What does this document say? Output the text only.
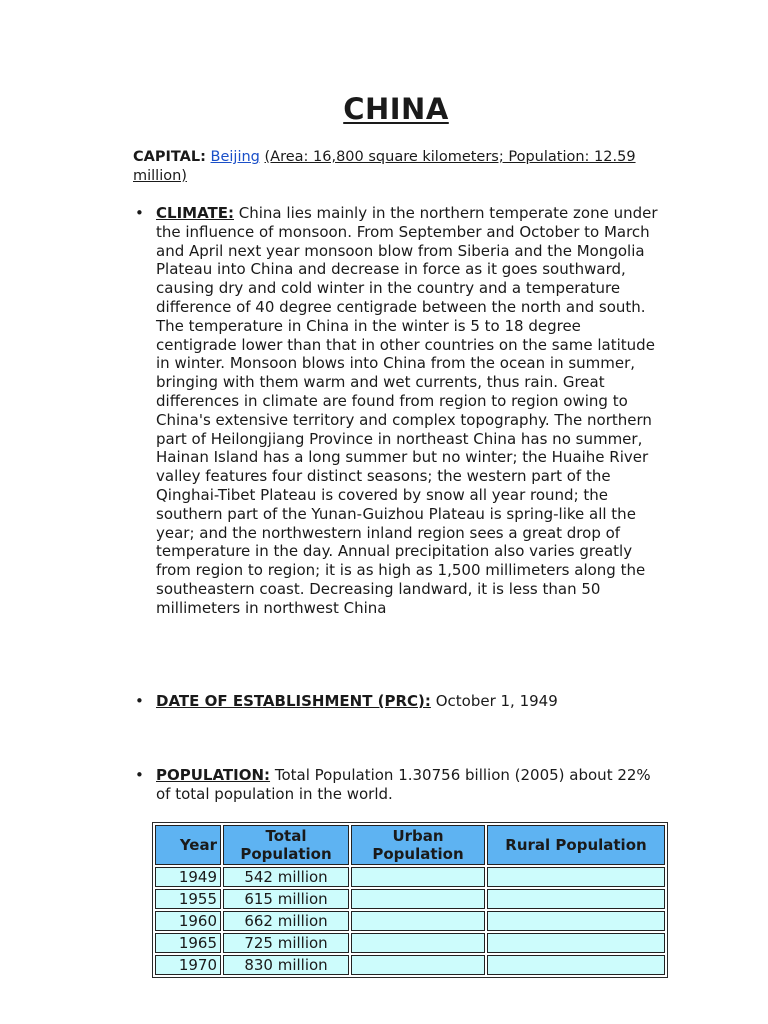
CHINA
CAPITAL: Beijing (Area: 16,800 square kilometers; Population: 12.59 million)
• CLIMATE: China lies mainly in the northern temperate zone under the influence of monsoon. From September and October to March and April next year monsoon blow from Siberia and the Mongolia Plateau into China and decrease in force as it goes southward, causing dry and cold winter in the country and a temperature difference of 40 degree centigrade between the north and south. The temperature in China in the winter is 5 to 18 degree centigrade lower than that in other countries on the same latitude in winter. Monsoon blows into China from the ocean in summer, bringing with them warm and wet currents, thus rain. Great differences in climate are found from region to region owing to China's extensive territory and complex topography. The northern part of Heilongjiang Province in northeast China has no summer, Hainan Island has a long summer but no winter; the Huaihe River valley features four distinct seasons; the western part of the Qinghai-Tibet Plateau is covered by snow all year round; the southern part of the Yunan-Guizhou Plateau is spring-like all the year; and the northwestern inland region sees a great drop of temperature in the day. Annual precipitation also varies greatly from region to region; it is as high as 1,500 millimeters along the southeastern coast. Decreasing landward, it is less than 50 millimeters in northwest China
• DATE OF ESTABLISHMENT (PRC): October 1, 1949
• POPULATION: Total Population 1.30756 billion (2005) about 22% of total population in the world.
Year	Total Population	Urban Population	Rural Population
1949	542 million		
1955	615 million		
1960	662 million		
1965	725 million		
1970	830 million		
